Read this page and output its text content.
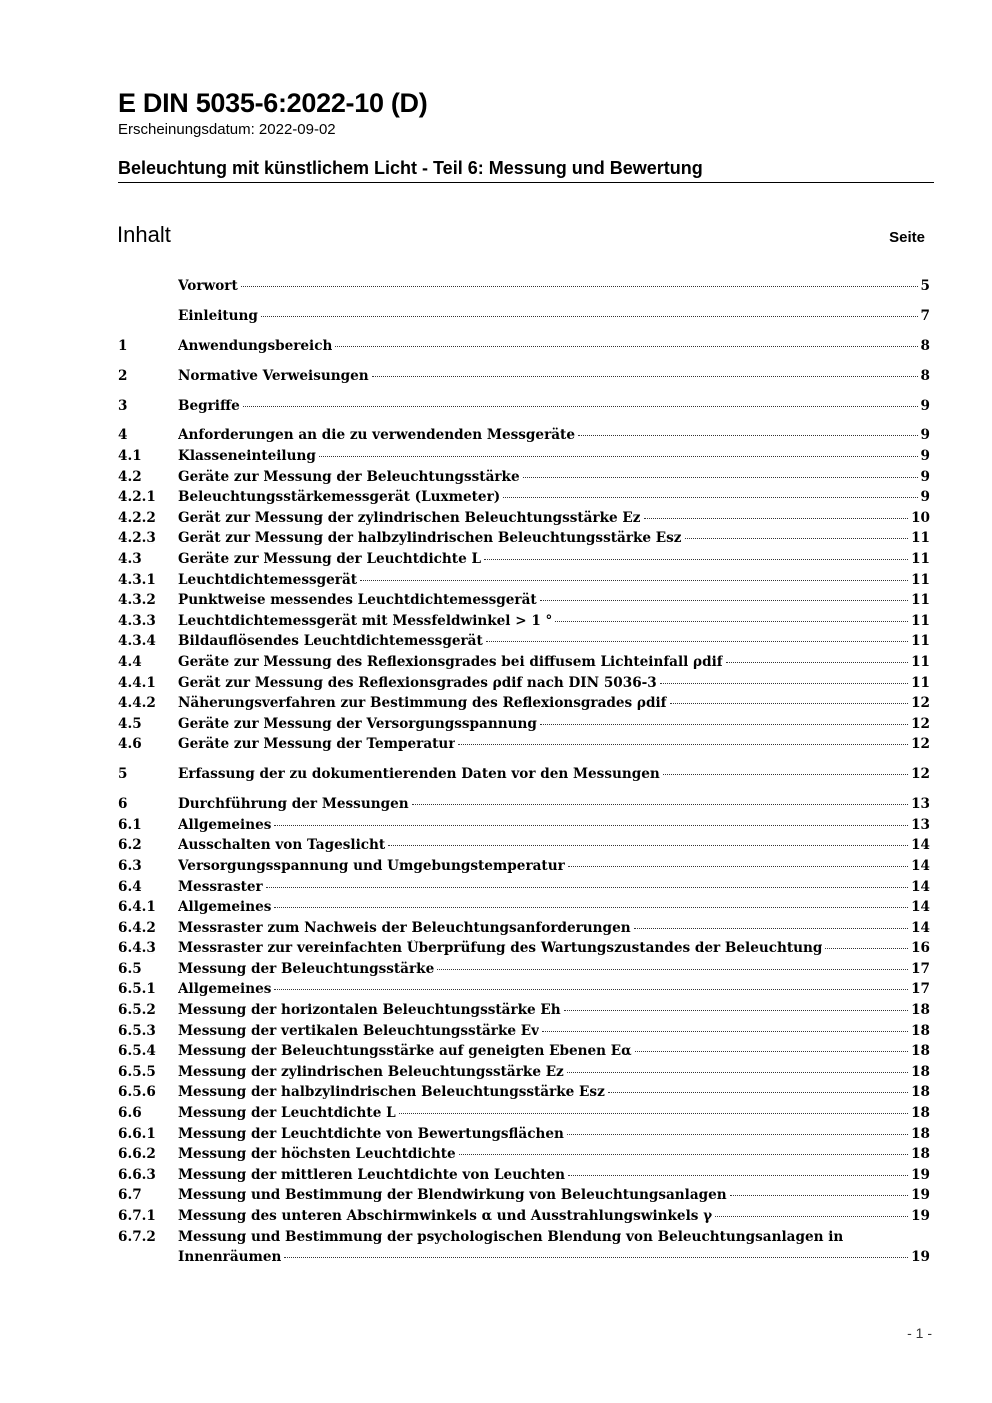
E DIN 5035-6:2022-10 (D)
Erscheinungsdatum: 2022-09-02
Beleuchtung mit künstlichem Licht - Teil 6: Messung und Bewertung
Inhalt	Seite
Vorwort	5
Einleitung	7
1	Anwendungsbereich	8
2	Normative Verweisungen	8
3	Begriffe	9
4	Anforderungen an die zu verwendenden Messgeräte	9
4.1	Klasseneinteilung	9
4.2	Geräte zur Messung der Beleuchtungsstärke	9
4.2.1	Beleuchtungsstärkemessgerät (Luxmeter)	9
4.2.2	Gerät zur Messung der zylindrischen Beleuchtungsstärke Ez	10
4.2.3	Gerät zur Messung der halbzylindrischen Beleuchtungsstärke Esz	11
4.3	Geräte zur Messung der Leuchtdichte L	11
4.3.1	Leuchtdichtemessgerät	11
4.3.2	Punktweise messendes Leuchtdichtemessgerät	11
4.3.3	Leuchtdichtemessgerät mit Messfeldwinkel > 1 °	11
4.3.4	Bildauflösendes Leuchtdichtemessgerät	11
4.4	Geräte zur Messung des Reflexionsgrades bei diffusem Lichteinfall ρdif	11
4.4.1	Gerät zur Messung des Reflexionsgrades ρdif nach DIN 5036-3	11
4.4.2	Näherungsverfahren zur Bestimmung des Reflexionsgrades ρdif	12
4.5	Geräte zur Messung der Versorgungsspannung	12
4.6	Geräte zur Messung der Temperatur	12
5	Erfassung der zu dokumentierenden Daten vor den Messungen	12
6	Durchführung der Messungen	13
6.1	Allgemeines	13
6.2	Ausschalten von Tageslicht	14
6.3	Versorgungsspannung und Umgebungstemperatur	14
6.4	Messraster	14
6.4.1	Allgemeines	14
6.4.2	Messraster zum Nachweis der Beleuchtungsanforderungen	14
6.4.3	Messraster zur vereinfachten Überprüfung des Wartungszustandes der Beleuchtung	16
6.5	Messung der Beleuchtungsstärke	17
6.5.1	Allgemeines	17
6.5.2	Messung der horizontalen Beleuchtungsstärke Eh	18
6.5.3	Messung der vertikalen Beleuchtungsstärke Ev	18
6.5.4	Messung der Beleuchtungsstärke auf geneigten Ebenen Eα	18
6.5.5	Messung der zylindrischen Beleuchtungsstärke Ez	18
6.5.6	Messung der halbzylindrischen Beleuchtungsstärke Esz	18
6.6	Messung der Leuchtdichte L	18
6.6.1	Messung der Leuchtdichte von Bewertungsflächen	18
6.6.2	Messung der höchsten Leuchtdichte	18
6.6.3	Messung der mittleren Leuchtdichte von Leuchten	19
6.7	Messung und Bestimmung der Blendwirkung von Beleuchtungsanlagen	19
6.7.1	Messung des unteren Abschirmwinkels α und Ausstrahlungswinkels γ	19
6.7.2	Messung und Bestimmung der psychologischen Blendung von Beleuchtungsanlagen in
Innenräumen	19
- 1 -
